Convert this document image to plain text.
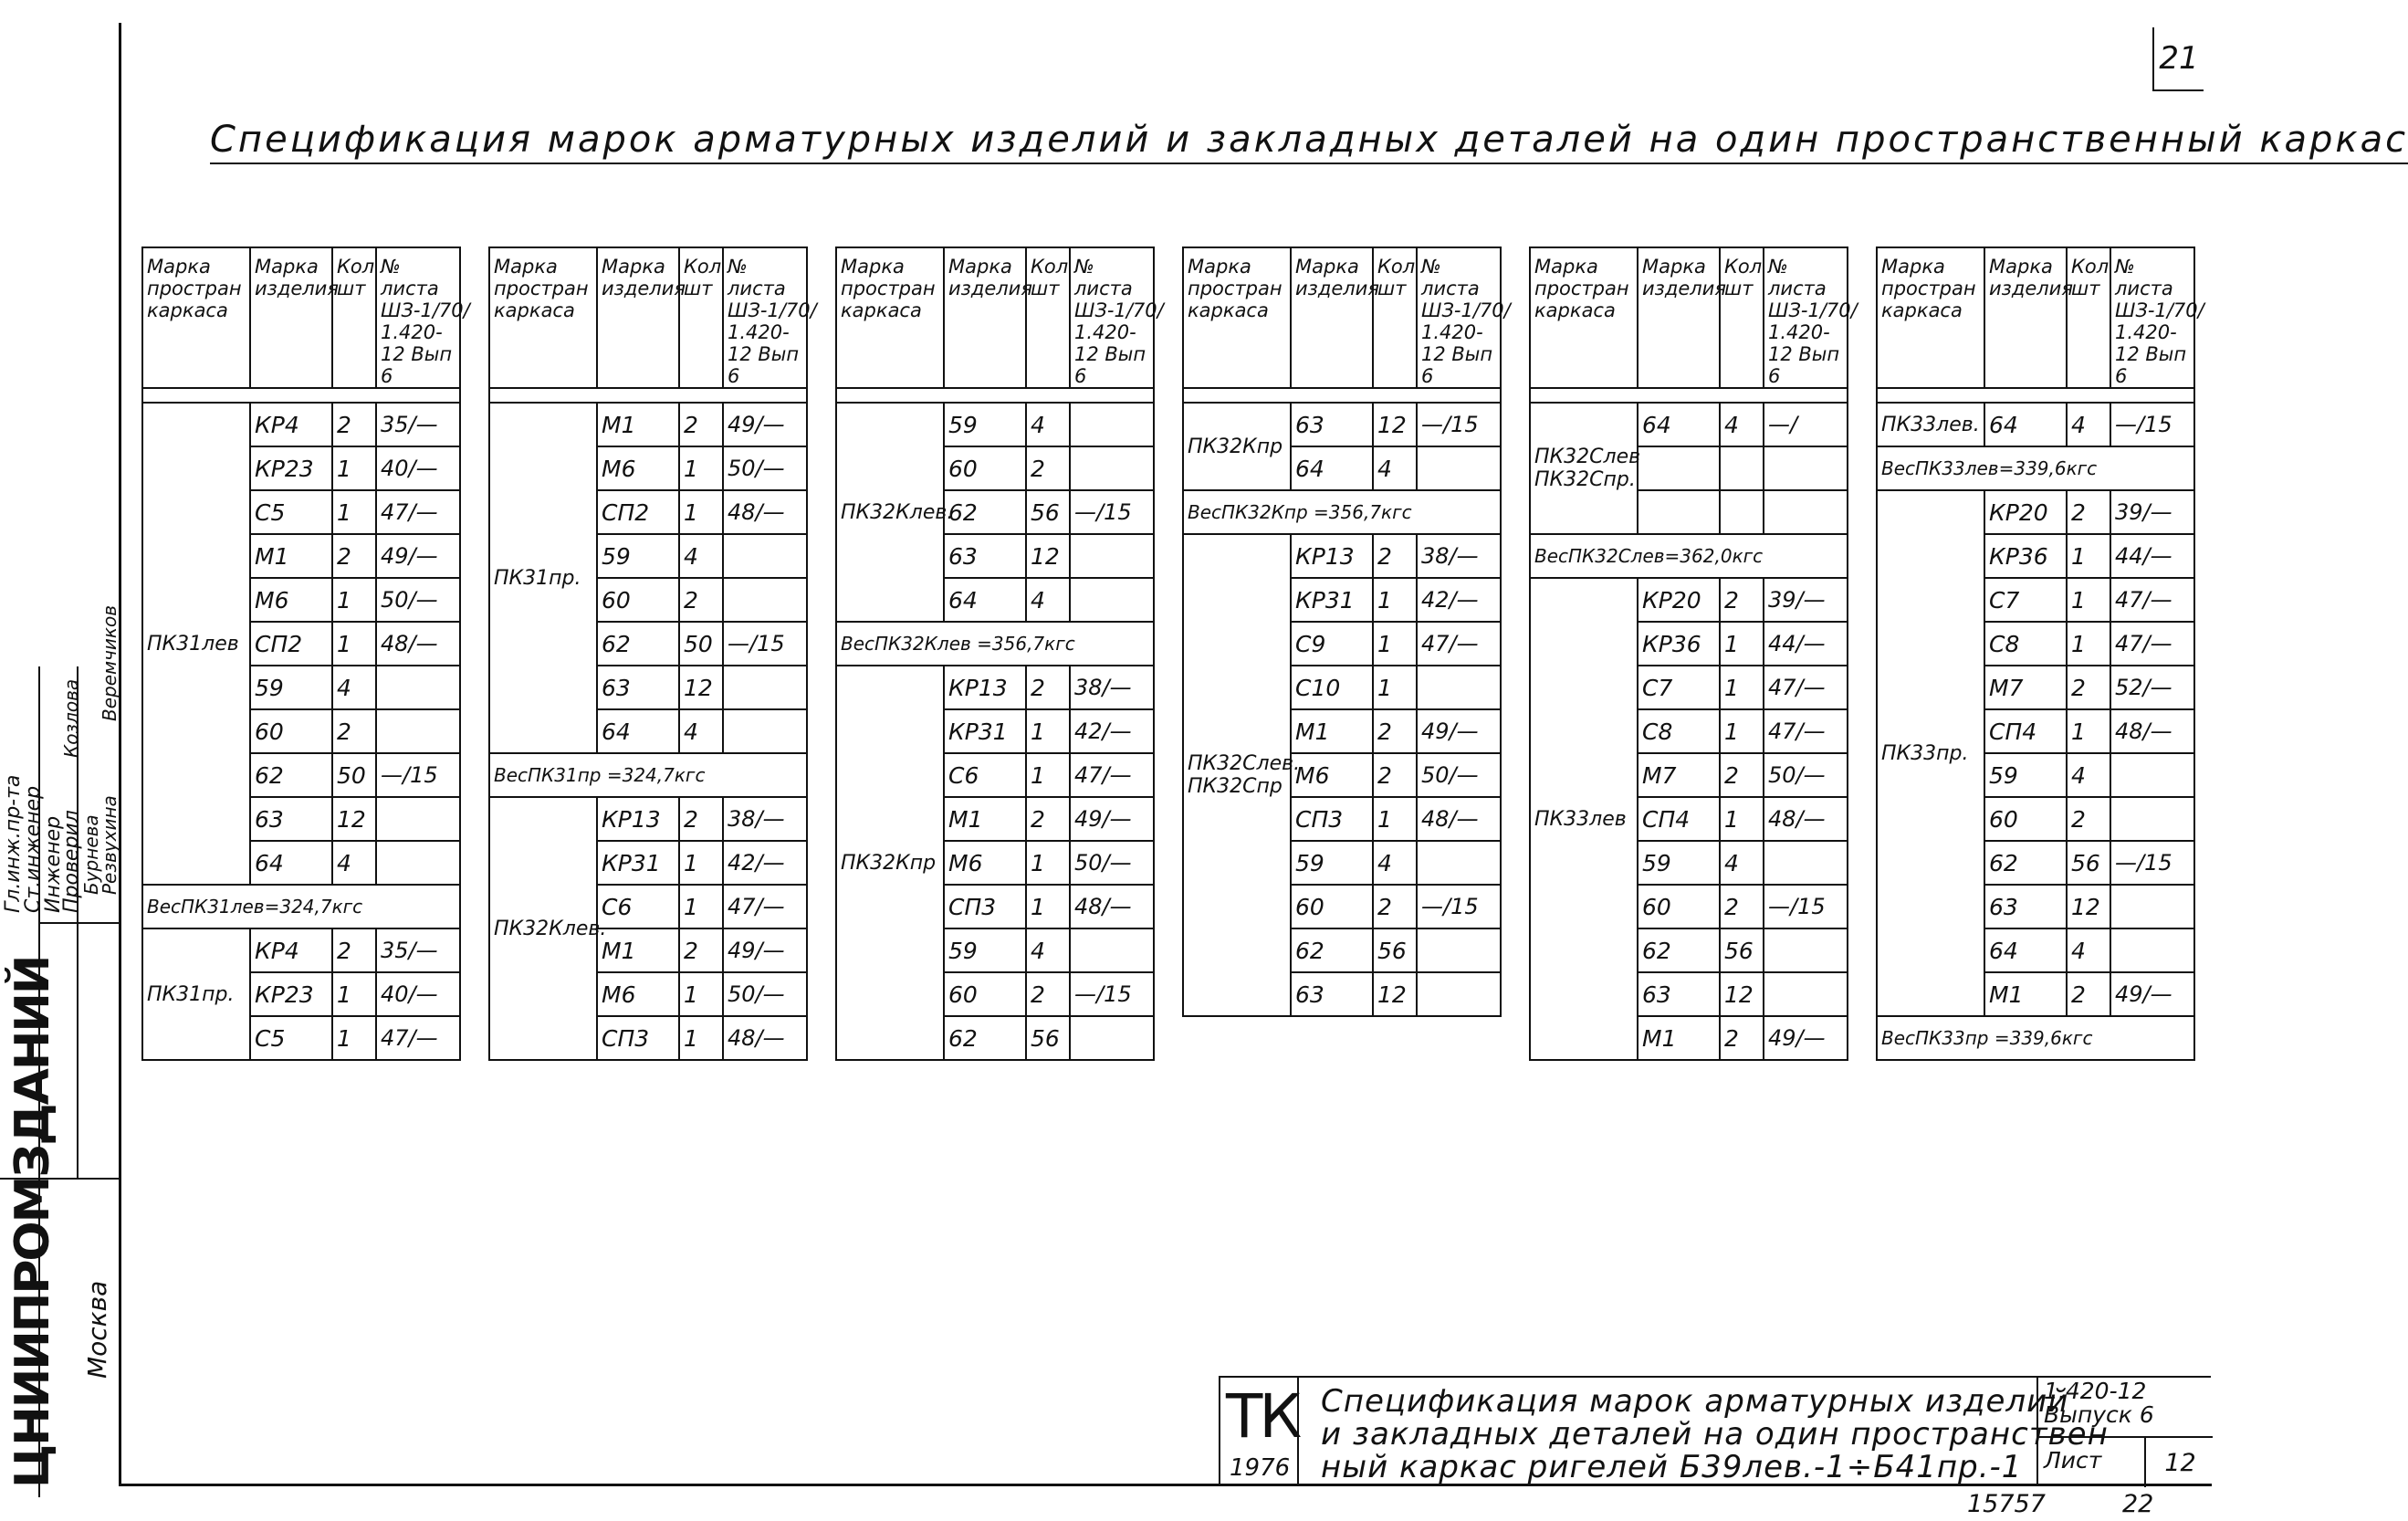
21
Спецификация марок арматурных изделий и закладных деталей на один пространственный каркас
Гл.инж.пр-та
Ст.инженер
Инженер
Проверил
Бурнева
Резвухина
Козлова Веремчиков
ЦНИИПРОМЗДАНИЙ Москва
Марка простран каркаса	Марка изделия	Кол шт	№ листа ШЗ-1/70/ 1.420-12 Вып 6

ПК31лев	КР4	2	35/—
	КР23	1	40/—
	С5	1	47/—
	М1	2	49/—
	М6	1	50/—
	СП2	1	48/—
	59	4	
	60	2	
	62	50	—/15
	63	12	
	64	4	
ВесПК31лев=324,7кгс			
ПК31пр.	КР4	2	35/—
	КР23	1	40/—
	С5	1	47/—
Марка простран каркаса	Марка изделия	Кол шт	№ листа ШЗ-1/70/ 1.420-12 Вып 6

ПК31пр.	М1	2	49/—
	М6	1	50/—
	СП2	1	48/—
	59	4	
	60	2	
	62	50	—/15
	63	12	
	64	4	
ВесПК31пр =324,7кгс			
ПК32Клев.	КР13	2	38/—
	КР31	1	42/—
	С6	1	47/—
	М1	2	49/—
	М6	1	50/—
	СП3	1	48/—
Марка простран каркаса	Марка изделия	Кол шт	№ листа ШЗ-1/70/ 1.420-12 Вып 6

ПК32Клев.	59	4	
	60	2	
	62	56	—/15
	63	12	
	64	4	
ВесПК32Клев =356,7кгс			
ПК32Кпр	КР13	2	38/—
	КР31	1	42/—
	С6	1	47/—
	М1	2	49/—
	М6	1	50/—
	СП3	1	48/—
	59	4	
	60	2	—/15
	62	56	
Марка простран каркаса	Марка изделия	Кол шт	№ листа ШЗ-1/70/ 1.420-12 Вып 6

ПК32Кпр	63	12	—/15
	64	4	
ВесПК32Кпр =356,7кгс			
ПК32Слев. ПК32Спр	КР13	2	38/—
	КР31	1	42/—
	С9	1	47/—
	С10	1	
	М1	2	49/—
	М6	2	50/—
	СП3	1	48/—
	59	4	
	60	2	—/15
	62	56	
	63	12	
Марка простран каркаса	Марка изделия	Кол шт	№ листа ШЗ-1/70/ 1.420-12 Вып 6

ПК32Слев ПК32Спр.	64	4	—/

ВесПК32Слев=362,0кгс			
ПК33лев	КР20	2	39/—
	КР36	1	44/—
	С7	1	47/—
	С8	1	47/—
	М7	2	50/—
	СП4	1	48/—
	59	4	
	60	2	—/15
	62	56	
	63	12	
	М1	2	49/—
Марка простран каркаса	Марка изделия	Кол шт	№ листа ШЗ-1/70/ 1.420-12 Вып 6

ПК33лев.	64	4	—/15
ВесПК33лев=339,6кгс			
ПК33пр.	КР20	2	39/—
	КР36	1	44/—
	С7	1	47/—
	С8	1	47/—
	М7	2	52/—
	СП4	1	48/—
	59	4	
	60	2	
	62	56	—/15
	63	12	
	64	4	
	М1	2	49/—
ВесПК33пр =339,6кгс			
ТК
1976
Спецификация марок арматурных изделий
и закладных деталей на один пространствен
ный каркас ригелей Б39лев.-1÷Б41пр.-1
1.420-12
Выпуск 6
Лист	12
15757	22
